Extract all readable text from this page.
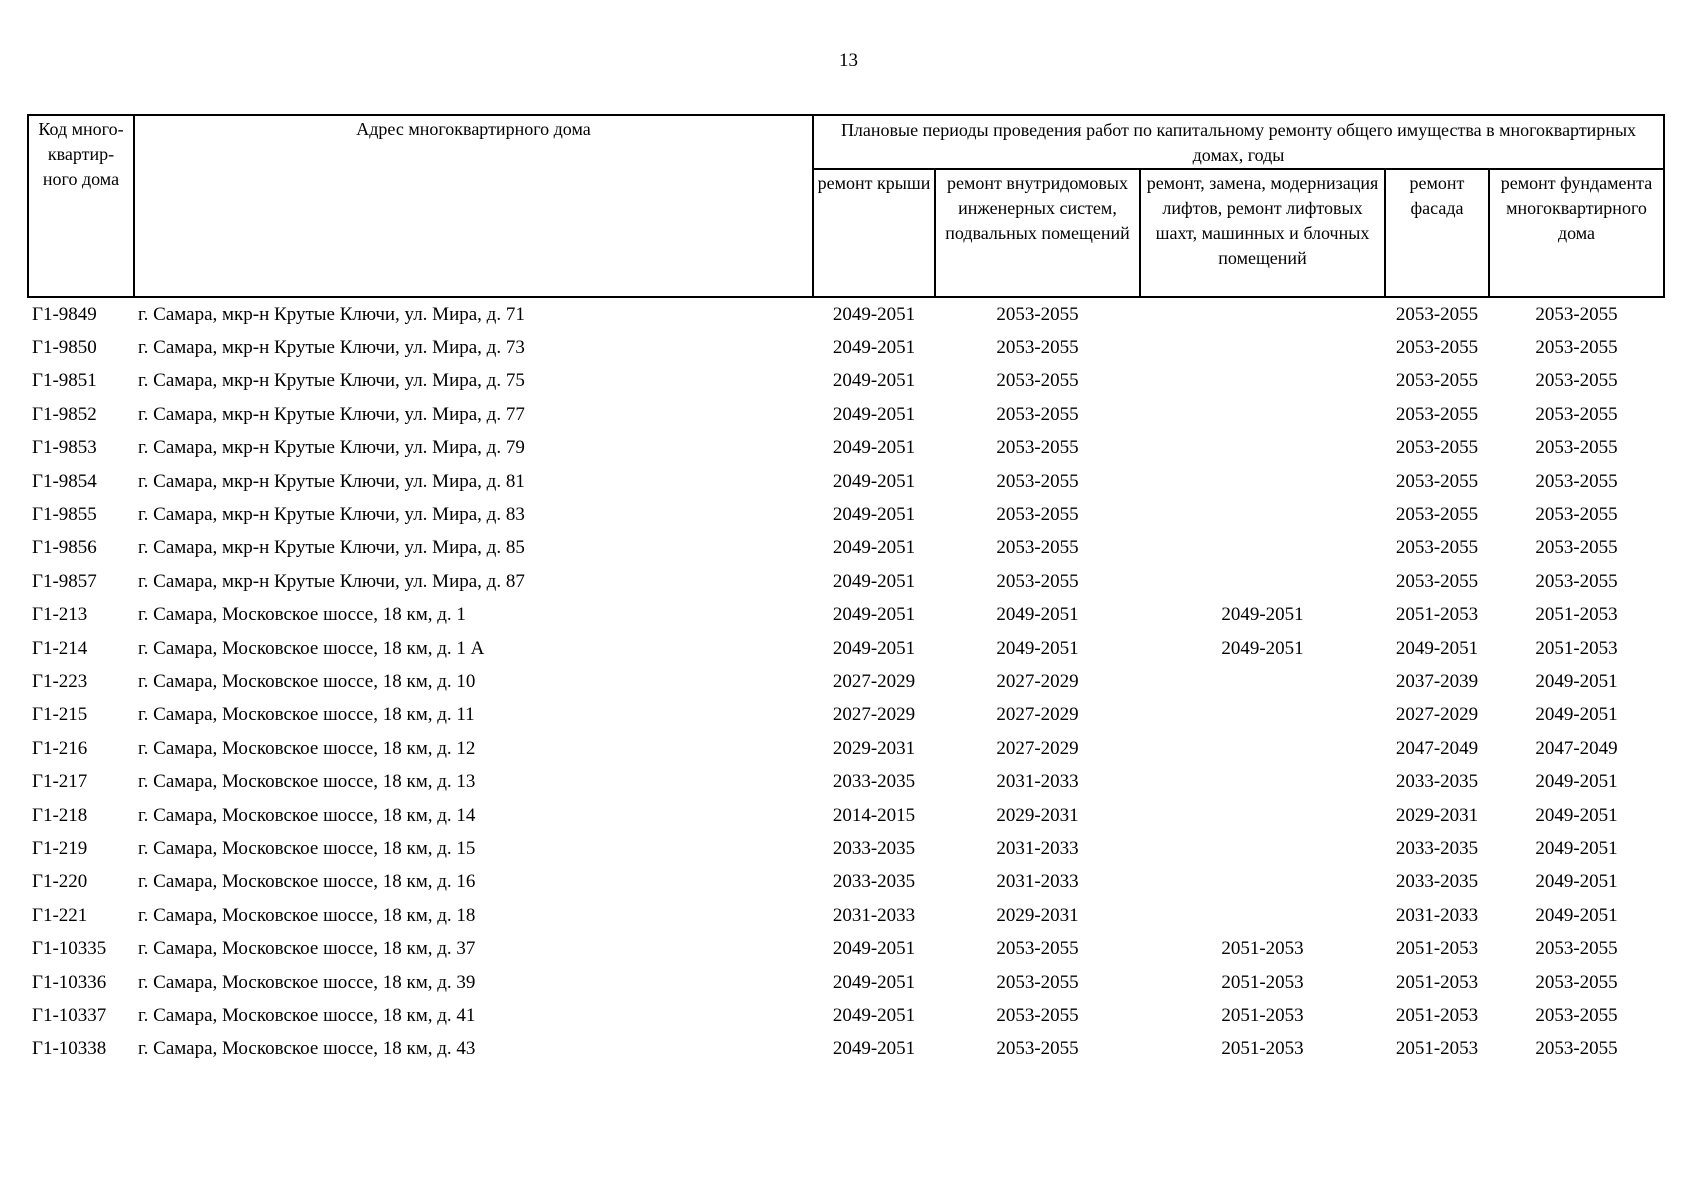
13
Код много-квартир-ного дома	Адрес многоквартирного дома	Плановые периоды проведения работ по капитальному ремонту общего имущества в многоквартирных домах, годы				
		ремонт крыши	ремонт внутридомовых инженерных систем, подвальных помещений	ремонт, замена, модернизация лифтов, ремонт лифтовых шахт, машинных и блочных помещений	ремонт фасада	ремонт фундамента многоквартирного дома
Г1-9849	г. Самара, мкр-н Крутые Ключи, ул. Мира, д. 71	2049-2051	2053-2055		2053-2055	2053-2055
Г1-9850	г. Самара, мкр-н Крутые Ключи, ул. Мира, д. 73	2049-2051	2053-2055		2053-2055	2053-2055
Г1-9851	г. Самара, мкр-н Крутые Ключи, ул. Мира, д. 75	2049-2051	2053-2055		2053-2055	2053-2055
Г1-9852	г. Самара, мкр-н Крутые Ключи, ул. Мира, д. 77	2049-2051	2053-2055		2053-2055	2053-2055
Г1-9853	г. Самара, мкр-н Крутые Ключи, ул. Мира, д. 79	2049-2051	2053-2055		2053-2055	2053-2055
Г1-9854	г. Самара, мкр-н Крутые Ключи, ул. Мира, д. 81	2049-2051	2053-2055		2053-2055	2053-2055
Г1-9855	г. Самара, мкр-н Крутые Ключи, ул. Мира, д. 83	2049-2051	2053-2055		2053-2055	2053-2055
Г1-9856	г. Самара, мкр-н Крутые Ключи, ул. Мира, д. 85	2049-2051	2053-2055		2053-2055	2053-2055
Г1-9857	г. Самара, мкр-н Крутые Ключи, ул. Мира, д. 87	2049-2051	2053-2055		2053-2055	2053-2055
Г1-213	г. Самара, Московское шоссе, 18 км, д. 1	2049-2051	2049-2051	2049-2051	2051-2053	2051-2053
Г1-214	г. Самара, Московское шоссе, 18 км, д. 1 А	2049-2051	2049-2051	2049-2051	2049-2051	2051-2053
Г1-223	г. Самара, Московское шоссе, 18 км, д. 10	2027-2029	2027-2029		2037-2039	2049-2051
Г1-215	г. Самара, Московское шоссе, 18 км, д. 11	2027-2029	2027-2029		2027-2029	2049-2051
Г1-216	г. Самара, Московское шоссе, 18 км, д. 12	2029-2031	2027-2029		2047-2049	2047-2049
Г1-217	г. Самара, Московское шоссе, 18 км, д. 13	2033-2035	2031-2033		2033-2035	2049-2051
Г1-218	г. Самара, Московское шоссе, 18 км, д. 14	2014-2015	2029-2031		2029-2031	2049-2051
Г1-219	г. Самара, Московское шоссе, 18 км, д. 15	2033-2035	2031-2033		2033-2035	2049-2051
Г1-220	г. Самара, Московское шоссе, 18 км, д. 16	2033-2035	2031-2033		2033-2035	2049-2051
Г1-221	г. Самара, Московское шоссе, 18 км, д. 18	2031-2033	2029-2031		2031-2033	2049-2051
Г1-10335	г. Самара, Московское шоссе, 18 км, д. 37	2049-2051	2053-2055	2051-2053	2051-2053	2053-2055
Г1-10336	г. Самара, Московское шоссе, 18 км, д. 39	2049-2051	2053-2055	2051-2053	2051-2053	2053-2055
Г1-10337	г. Самара, Московское шоссе, 18 км, д. 41	2049-2051	2053-2055	2051-2053	2051-2053	2053-2055
Г1-10338	г. Самара, Московское шоссе, 18 км, д. 43	2049-2051	2053-2055	2051-2053	2051-2053	2053-2055
